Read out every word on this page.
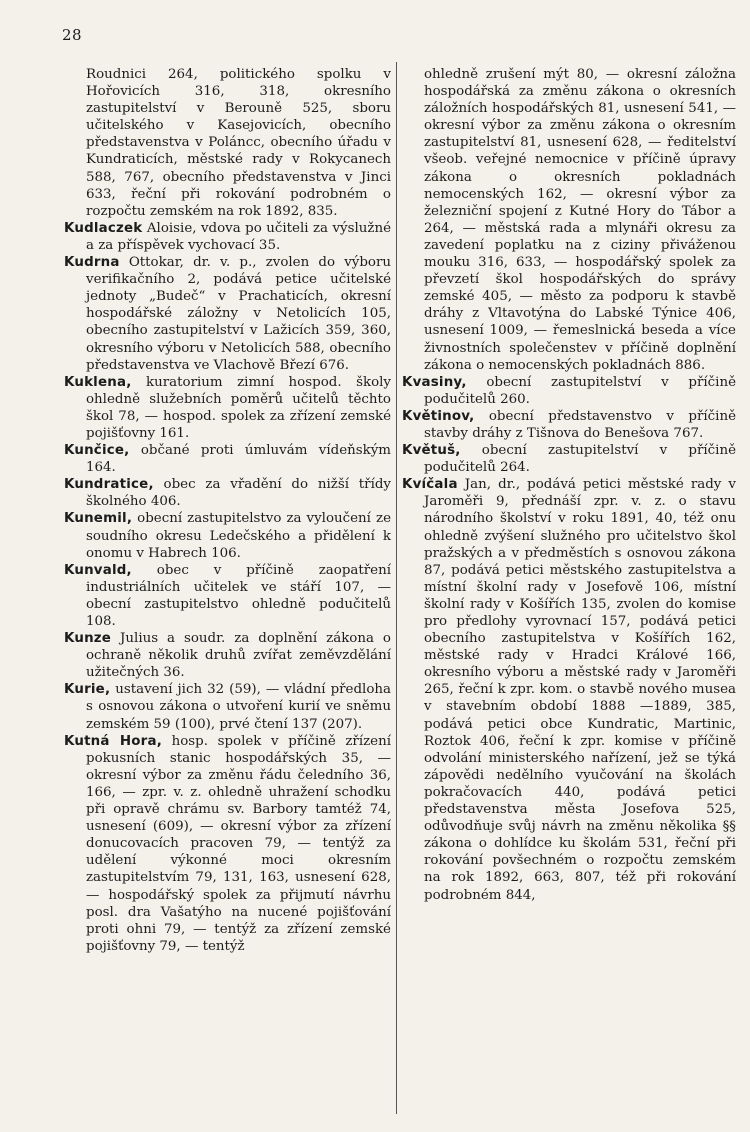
28

Roudnici 264, politického spolku v Hořovicích 316, 318, okresního zastupitelství v Berouně 525, sboru učitelského v Kasejovicích, obecního představenstva v Poláncc, obecního úřadu v Kundraticích, městské rady v Rokycanech 588, 767, obecního představenstva v Jinci 633, řeční při rokování podrobném o rozpočtu zemském na rok 1892, 835.

Kudlaczek Aloisie, vdova po učiteli za výslužné a za příspěvek vychovací 35.

Kudrna Ottokar, dr. v. p., zvolen do výboru verifikačního 2, podává petice učitelské jednoty „Budeč“ v Prachaticích, okresní hospodářské záložny v Netolicích 105, obecního zastupitelství v Lažicích 359, 360, okresního výboru v Netolicích 588, obecního představenstva ve Vlachově Březí 676.

Kuklena, kuratorium zimní hospod. školy ohledně služebních poměrů učitelů těchto škol 78, — hospod. spolek za zřízení zemské pojišťovny 161.

Kunčice, občané proti úmluvám vídeňským 164.

Kundratice, obec za vřadění do nižší třídy školného 406.

Kunemil, obecní zastupitelstvo za vyloučení ze soudního okresu Ledečského a přidělení k onomu v Habrech 106.

Kunvald, obec v příčině zaopatření industriálních učitelek ve stáří 107, — obecní zastupitelstvo ohledně podučitelů 108.

Kunze Julius a soudr. za doplnění zákona o ochraně několik druhů zvířat zeměvzdělání užitečných 36.

Kurie, ustavení jich 32 (59), — vládní předloha s osnovou zákona o utvoření kurií ve sněmu zemském 59 (100), prvé čtení 137 (207).

Kutná Hora, hosp. spolek v příčině zřízení pokusních stanic hospodářských 35, — okresní výbor za změnu řádu čeledního 36, 166, — zpr. v. z. ohledně uhražení schodku při opravě chrámu sv. Barbory tamtéž 74, usnesení (609), — okresní výbor za zřízení donucovacích pracoven 79, — tentýž za udělení výkonné moci okresním zastupitelstvím 79, 131, 163, usnesení 628, — hospodářský spolek za přijmutí návrhu posl. dra Vašatýho na nucené pojišťování proti ohni 79, — tentýž za zřízení zemské pojišťovny 79, — tentýž

ohledně zrušení mýt 80, — okresní záložna hospodářská za změnu zákona o okresních záložních hospodářských 81, usnesení 541, — okresní výbor za změnu zákona o okresním zastupitelství 81, usnesení 628, — ředitelství všeob. veřejné nemocnice v příčině úpravy zákona o okresních pokladnách nemocenských 162, — okresní výbor za železniční spojení z Kutné Hory do Tábor a 264, — městská rada a mlynáři okresu za zavedení poplatku na z ciziny přiváženou mouku 316, 633, — hospodářský spolek za převzetí škol hospodářských do správy zemské 405, — město za podporu k stavbě dráhy z Vltavotýna do Labské Týnice 406, usnesení 1009, — řemeslnická beseda a více živnostních společenstev v příčině doplnění zákona o nemocenských pokladnách 886.

Kvasiny, obecní zastupitelství v příčině podučitelů 260.

Květinov, obecní představenstvo v příčině stavby dráhy z Tišnova do Benešova 767.

Květuš, obecní zastupitelství v příčině podučitelů 264.

Kvíčala Jan, dr., podává petici městské rady v Jaroměři 9, přednáší zpr. v. z. o stavu národního školství v roku 1891, 40, též onu ohledně zvýšení služného pro učitelstvo škol pražských a v předměstích s osnovou zákona 87, podává petici městského zastupitelstva a místní školní rady v Josefově 106, místní školní rady v Košířích 135, zvolen do komise pro předlohy vyrovnací 157, podává petici obecního zastupitelstva v Košířích 162, městské rady v Hradci Králové 166, okresního výboru a městské rady v Jaroměři 265, řeční k zpr. kom. o stavbě nového musea v stavebním období 1888 —1889, 385, podává petici obce Kundratic, Martinic, Roztok 406, řeční k zpr. komise v příčině odvolání ministerského nařízení, jež se týká zápovědi nedělního vyučování na školách pokračovacích 440, podává petici představenstva města Josefova 525, odůvodňuje svůj návrh na změnu několika §§ zákona o dohlídce ku školám 531, řeční při rokování povšechném o rozpočtu zemském na rok 1892, 663, 807, též při rokování podrobném 844,
